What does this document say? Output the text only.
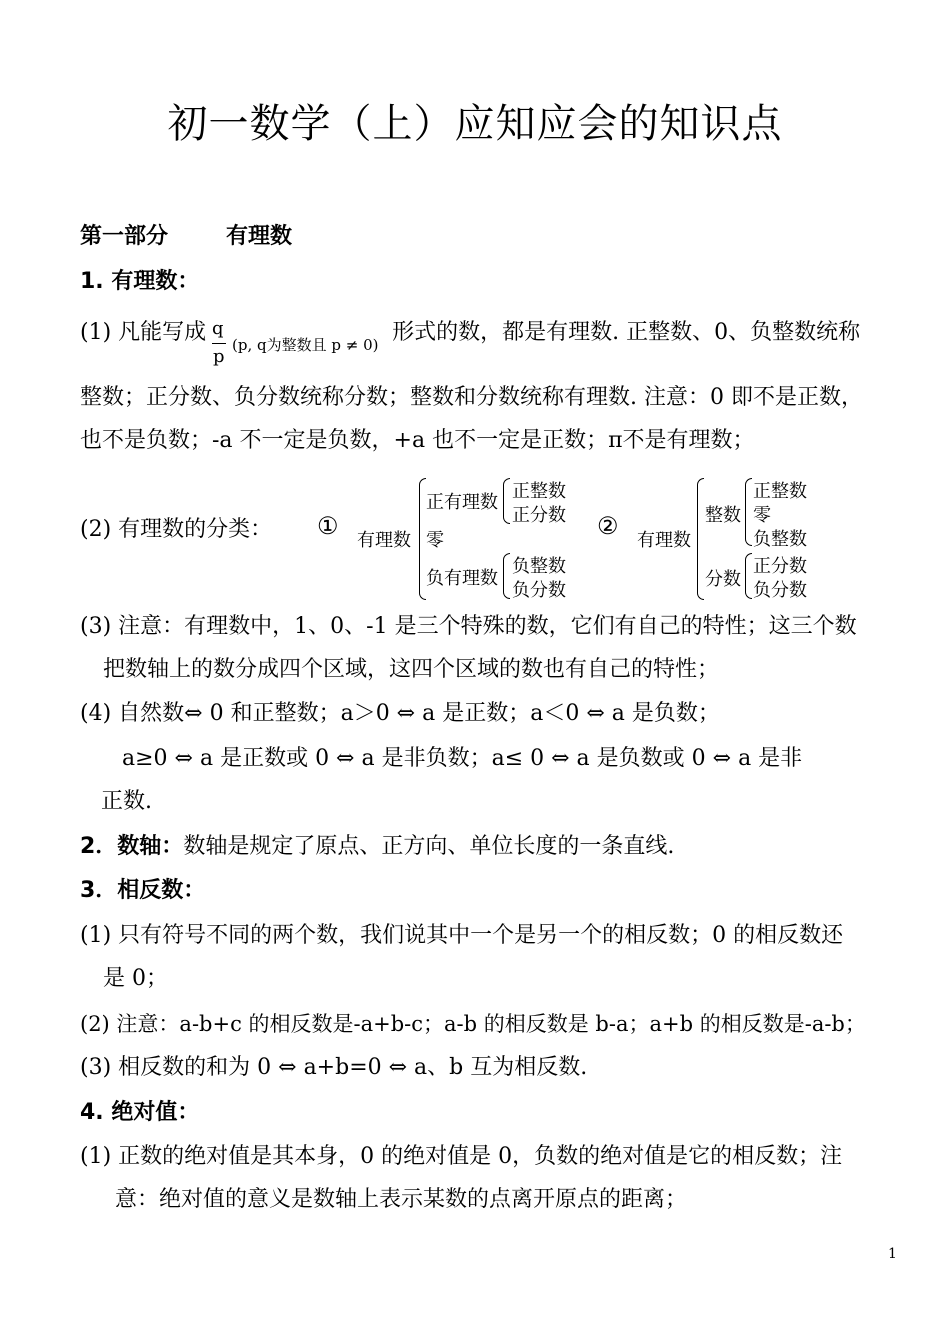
初一数学（上）应知应会的知识点
第一部分	有理数
1. 有理数：
(1) 凡能写成	形式的数，都是有理数. 正整数、0、负整数统称
q
p
(p, q为整数且 p ≠ 0)
整数；正分数、负分数统称分数；整数和分数统称有理数. 注意：0 即不是正数，
也不是负数；-a 不一定是负数，+a 也不一定是正数；π不是有理数；
(2) 有理数的分类： ①
有理数
正有理数
正整数
正分数
零
负有理数
负整数
负分数
②
有理数
整数
正整数
零
负整数
分数
正分数
负分数
(3) 注意：有理数中，1、0、-1 是三个特殊的数，它们有自己的特性；这三个数
把数轴上的数分成四个区域，这四个区域的数也有自己的特性；
(4) 自然数⇔ 0 和正整数；a＞0 ⇔ a 是正数；a＜0 ⇔ a 是负数；
a≥0 ⇔ a 是正数或 0 ⇔ a 是非负数；a≤ 0 ⇔ a 是负数或 0 ⇔ a 是非
正数.
2．数轴：数轴是规定了原点、正方向、单位长度的一条直线.
3．相反数：
(1) 只有符号不同的两个数，我们说其中一个是另一个的相反数；0 的相反数还
是 0；
(2) 注意：a-b+c 的相反数是-a+b-c；a-b 的相反数是 b-a；a+b 的相反数是-a-b；
(3) 相反数的和为 0 ⇔ a+b=0 ⇔ a、b 互为相反数.
4. 绝对值：
(1) 正数的绝对值是其本身，0 的绝对值是 0，负数的绝对值是它的相反数；注
意：绝对值的意义是数轴上表示某数的点离开原点的距离；
1
